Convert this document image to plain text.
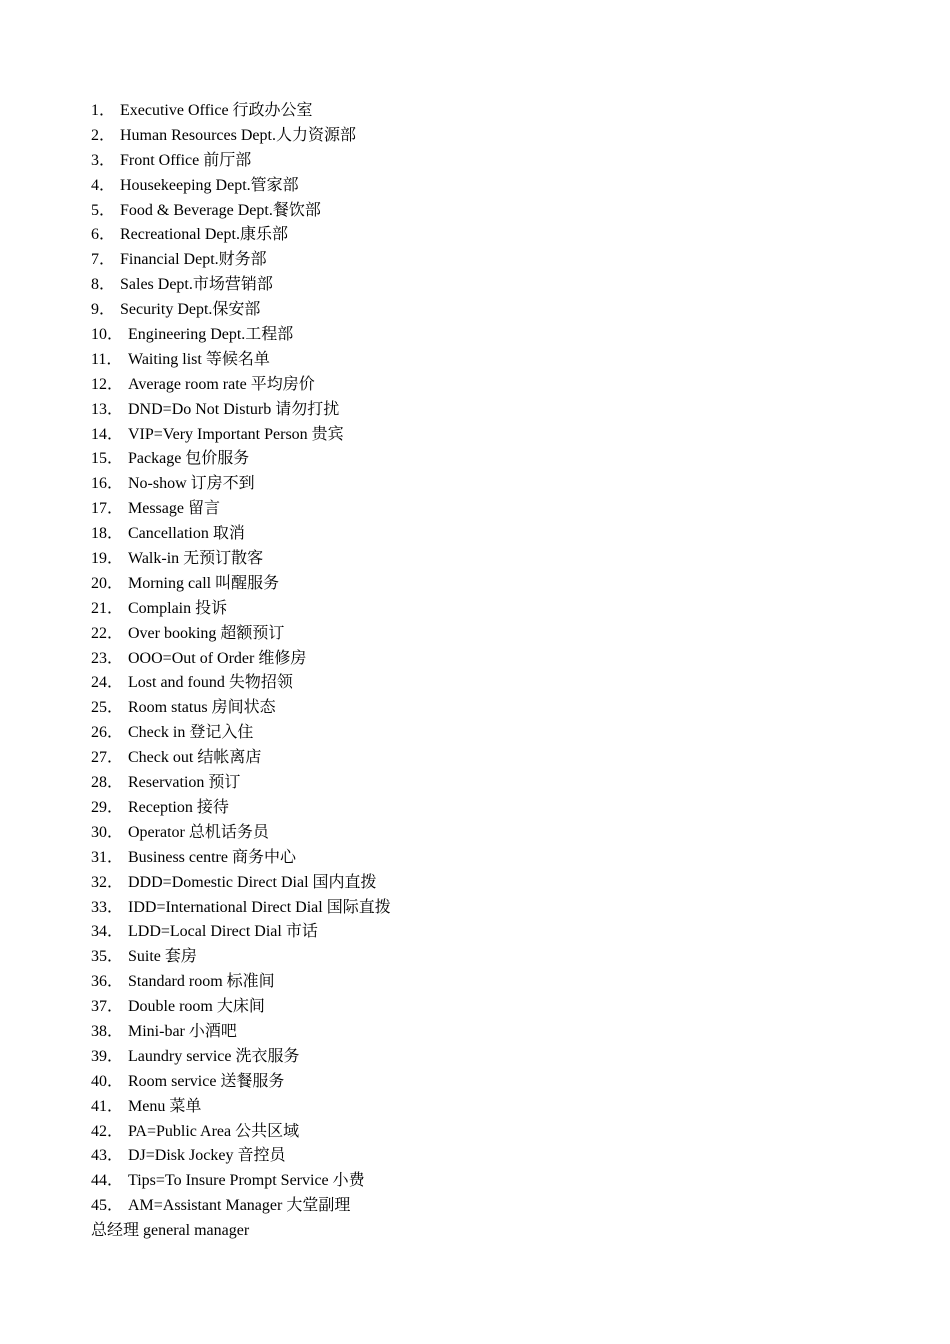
1． Executive Office 行政办公室
2． Human Resources Dept.人力资源部
3． Front Office 前厅部
4． Housekeeping Dept.管家部
5． Food & Beverage Dept.餐饮部
6． Recreational Dept.康乐部
7． Financial Dept.财务部
8． Sales Dept.市场营销部
9． Security Dept.保安部
10． Engineering Dept.工程部
11． Waiting list 等候名单
12． Average room rate 平均房价
13． DND=Do Not Disturb 请勿打扰
14． VIP=Very Important Person 贵宾
15． Package 包价服务
16． No-show 订房不到
17． Message 留言
18． Cancellation 取消
19． Walk-in 无预订散客
20． Morning call 叫醒服务
21． Complain 投诉
22． Over booking 超额预订
23． OOO=Out of Order 维修房
24． Lost and found 失物招领
25． Room status 房间状态
26． Check in 登记入住
27． Check out 结帐离店
28． Reservation 预订
29． Reception 接待
30． Operator 总机话务员
31． Business centre 商务中心
32． DDD=Domestic Direct Dial 国内直拨
33． IDD=International Direct Dial 国际直拨
34． LDD=Local Direct Dial 市话
35． Suite 套房
36． Standard room 标准间
37． Double room 大床间
38． Mini-bar 小酒吧
39． Laundry service 洗衣服务
40． Room service 送餐服务
41． Menu 菜单
42． PA=Public Area 公共区域
43． DJ=Disk Jockey 音控员
44． Tips=To Insure Prompt Service 小费
45． AM=Assistant Manager 大堂副理
总经理 general manager
